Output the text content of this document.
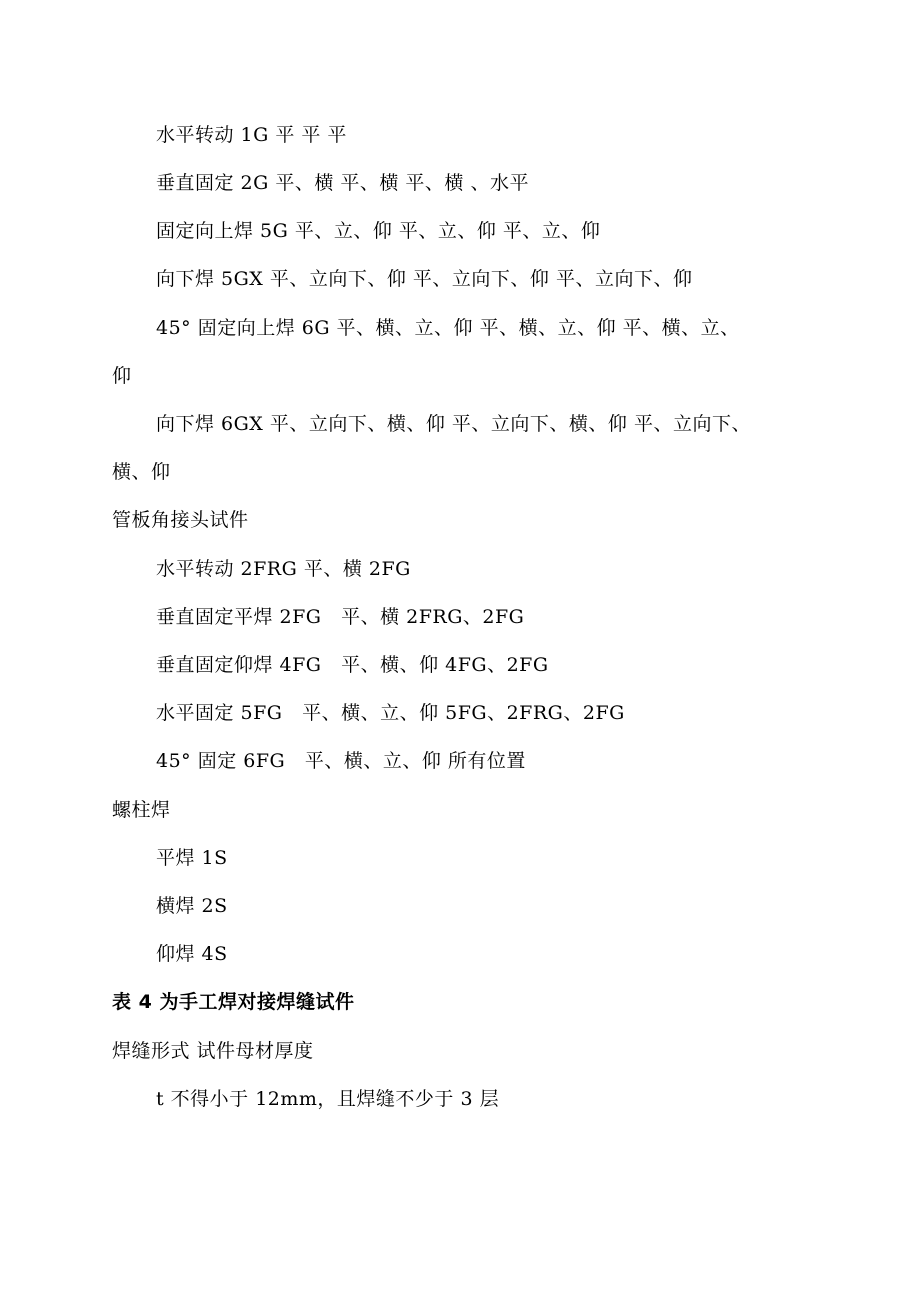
水平转动 1G 平 平 平
垂直固定 2G 平、横 平、横 平、横 、水平
固定向上焊 5G 平、立、仰 平、立、仰 平、立、仰
向下焊 5GX 平、立向下、仰 平、立向下、仰 平、立向下、仰
45° 固定向上焊 6G 平、横、立、仰 平、横、立、仰 平、横、立、
仰
向下焊 6GX 平、立向下、横、仰 平、立向下、横、仰 平、立向下、
横、仰
管板角接头试件
水平转动 2FRG 平、横 2FG
垂直固定平焊 2FG   平、横 2FRG、2FG
垂直固定仰焊 4FG   平、横、仰 4FG、2FG
水平固定 5FG   平、横、立、仰 5FG、2FRG、2FG
45° 固定 6FG   平、横、立、仰 所有位置
螺柱焊
平焊 1S
横焊 2S
仰焊 4S
表 4 为手工焊对接焊缝试件
焊缝形式 试件母材厚度
t 不得小于 12mm，且焊缝不少于 3 层
